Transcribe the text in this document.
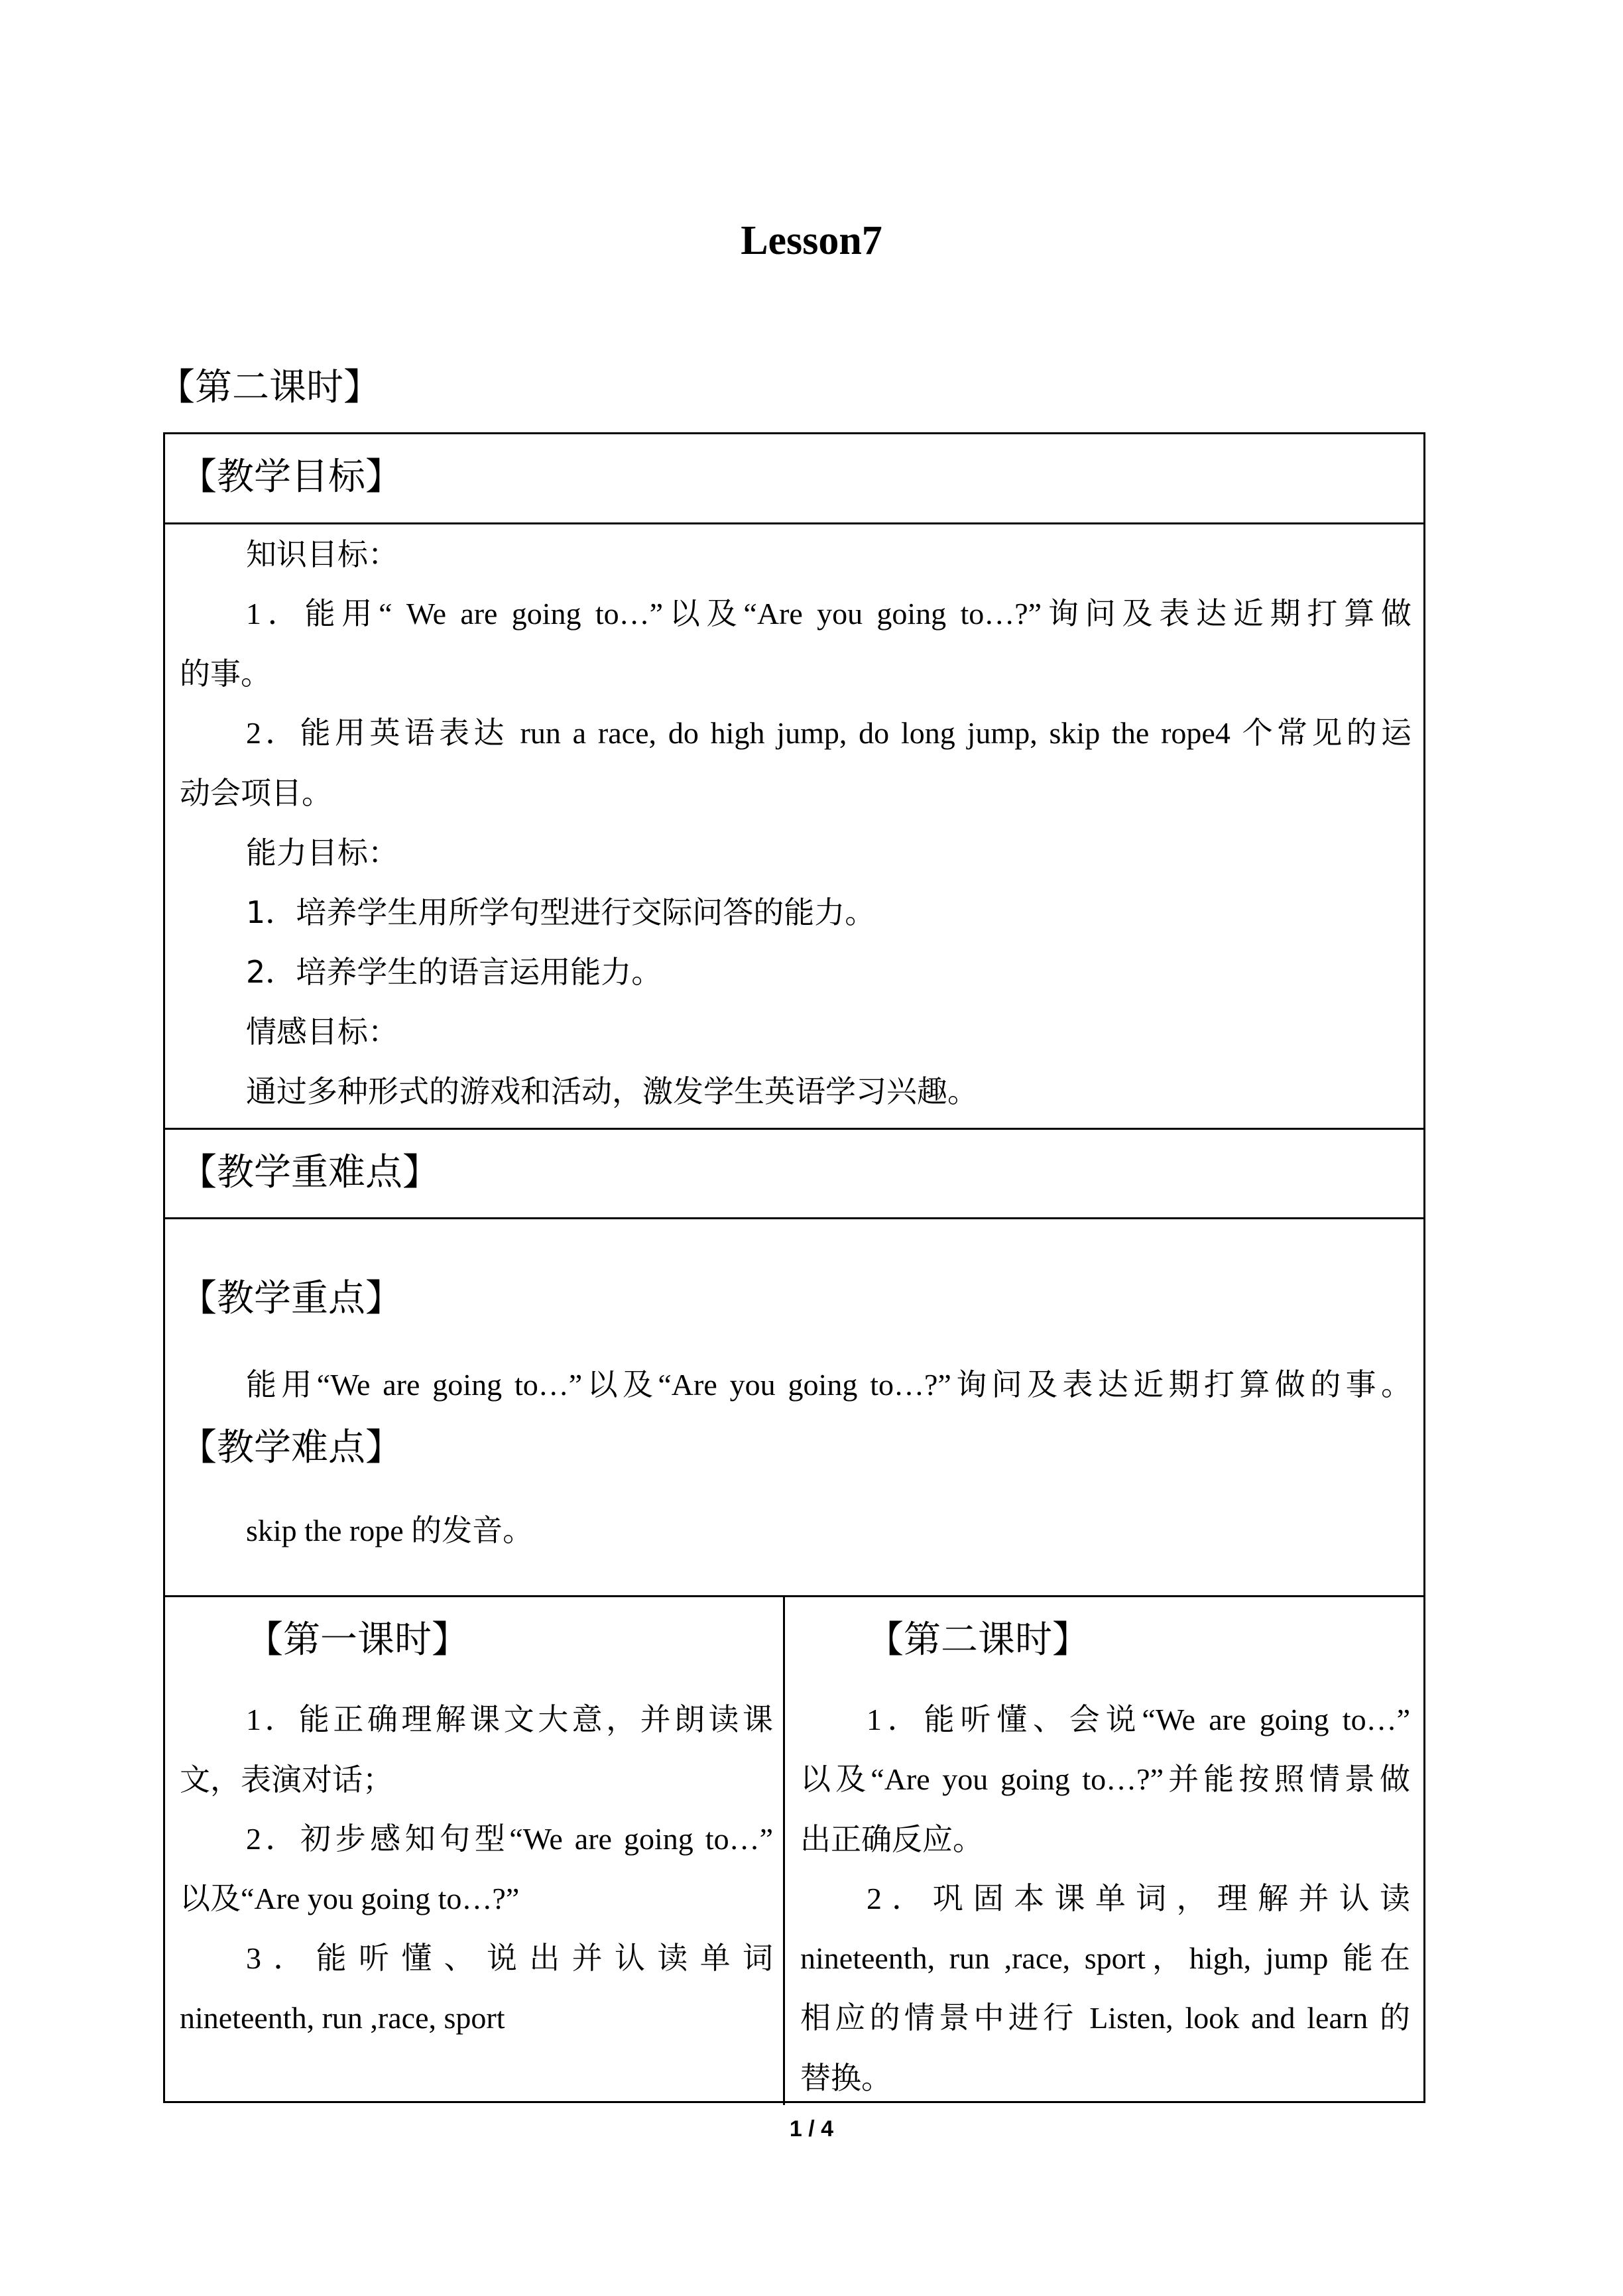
Lesson7
【第二课时】
【教学目标】
知识目标：
1．能用“ We are going to…”以及“Are you going to…?”询问及表达近期打算做
的事。
2．能用英语表达 run a race, do high jump, do long jump, skip the rope4 个常见的运
动会项目。
能力目标：
1．培养学生用所学句型进行交际问答的能力。
2．培养学生的语言运用能力。
情感目标：
通过多种形式的游戏和活动，激发学生英语学习兴趣。
【教学重难点】
【教学重点】
能用“We are going to…”以及“Are you going to…?”询问及表达近期打算做的事。
【教学难点】
skip the rope 的发音。
【第一课时】
1．能正确理解课文大意，并朗读课
文，表演对话；
2．初步感知句型“We are going to…”
以及“Are you going to…?”
3．能听懂、说出并认读单词
nineteenth, run ,race, sport
【第二课时】
1．能听懂、会说“We are going to…”
以及“Are you going to…?”并能按照情景做
出正确反应。
2．巩固本课单词，理解并认读
nineteenth, run ,race, sport，high, jump 能在
相应的情景中进行 Listen, look and learn 的
替换。
1 / 4
